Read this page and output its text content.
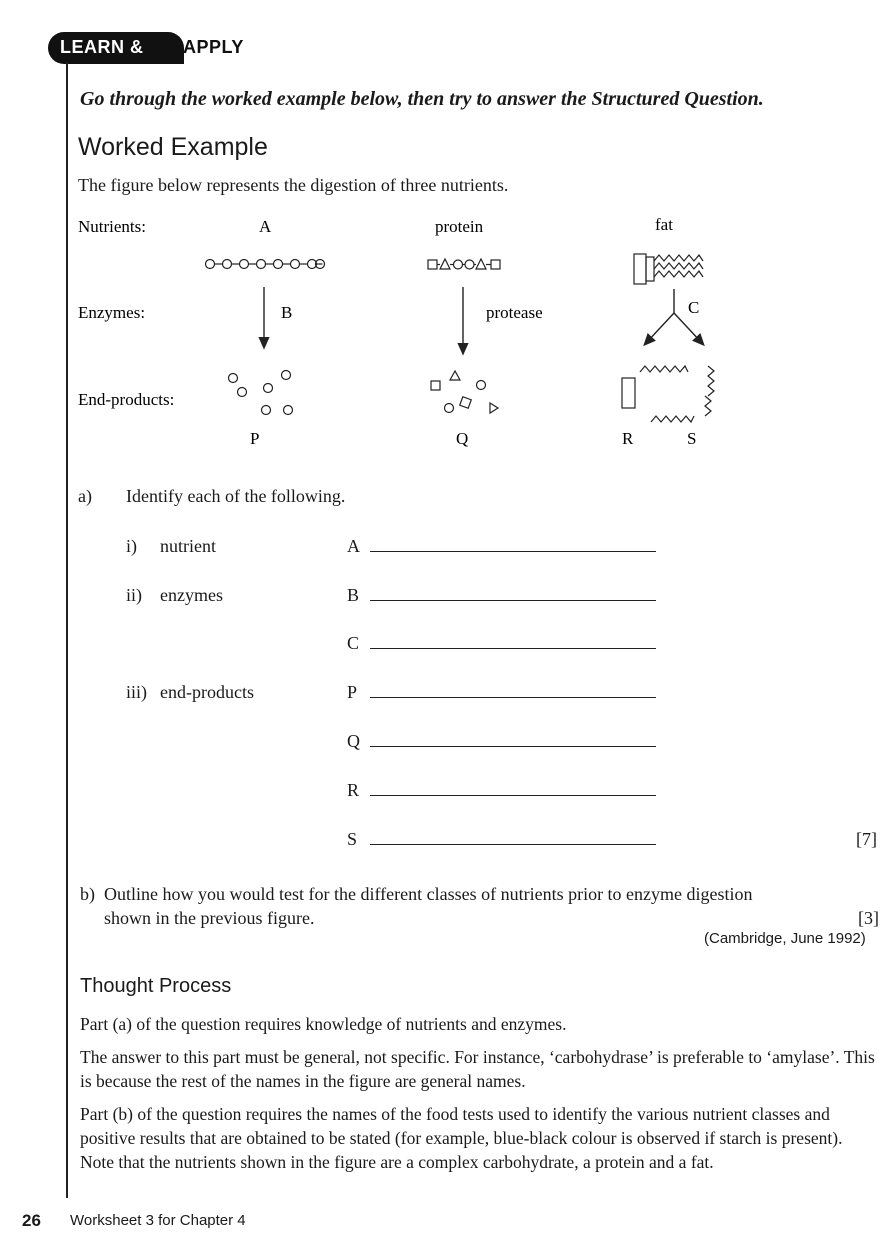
LEARN & APPLY
Go through the worked example below, then try to answer the Structured Question.
Worked Example
The figure below represents the digestion of three nutrients.
Nutrients:
Enzymes:
End-products:
A	protein	fat
B
P
protease
Q
C
R	S
a) Identify each of the following.
i) nutrient	A
ii) enzymes	B
C
iii) end-products	P
Q
R
S	[7]
b) Outline how you would test for the different classes of nutrients prior to enzyme digestion
shown in the previous figure.	[3]
(Cambridge, June 1992)
Thought Process
Part (a) of the question requires knowledge of nutrients and enzymes.
The answer to this part must be general, not specific. For instance, ‘carbohydrase’ is preferable to ‘amylase’. This is because the rest of the names in the figure are general names.
Part (b) of the question requires the names of the food tests used to identify the various nutrient classes and positive results that are obtained to be stated (for example, blue-black colour is observed if starch is present). Note that the nutrients shown in the figure are a complex carbohydrate, a protein and a fat.
26 Worksheet 3 for Chapter 4
